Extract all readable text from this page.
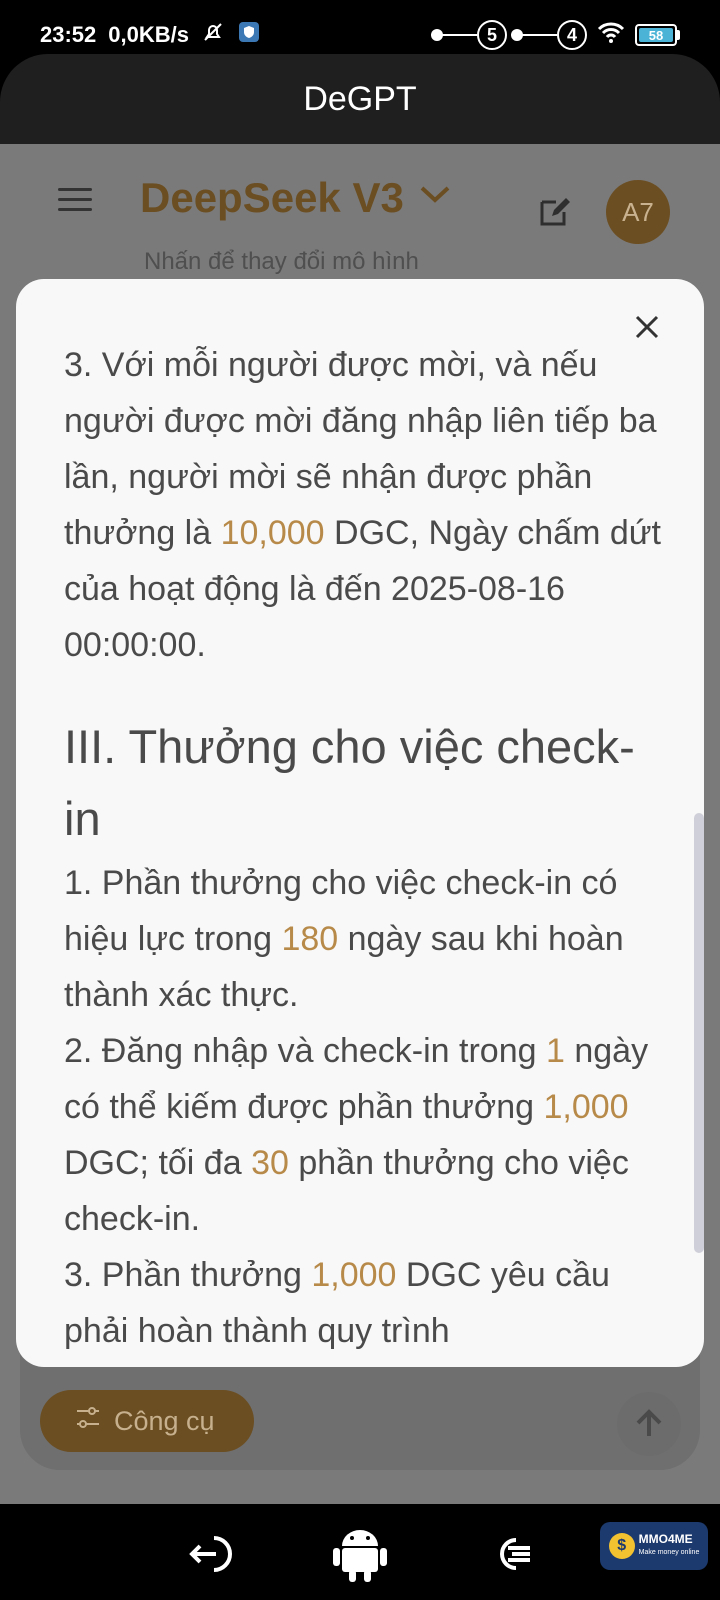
23:52 0,0KB/s	5	4	58
DeGPT
DeepSeek V3
Nhấn để thay đổi mô hình
A7
Công cụ

3. Với mỗi người được mời, và nếu người được mời đăng nhập liên tiếp ba lần, người mời sẽ nhận được phần thưởng là 10,000 DGC, Ngày chấm dứt của hoạt động là đến 2025-08-16 00:00:00.

III. Thưởng cho việc check-in

1. Phần thưởng cho việc check-in có hiệu lực trong 180 ngày sau khi hoàn thành xác thực.

2. Đăng nhập và check-in trong 1 ngày có thể kiếm được phần thưởng 1,000 DGC; tối đa 30 phần thưởng cho việc check-in.

3. Phần thưởng 1,000 DGC yêu cầu phải hoàn thành quy trình

$	MMO4ME
Make money online
